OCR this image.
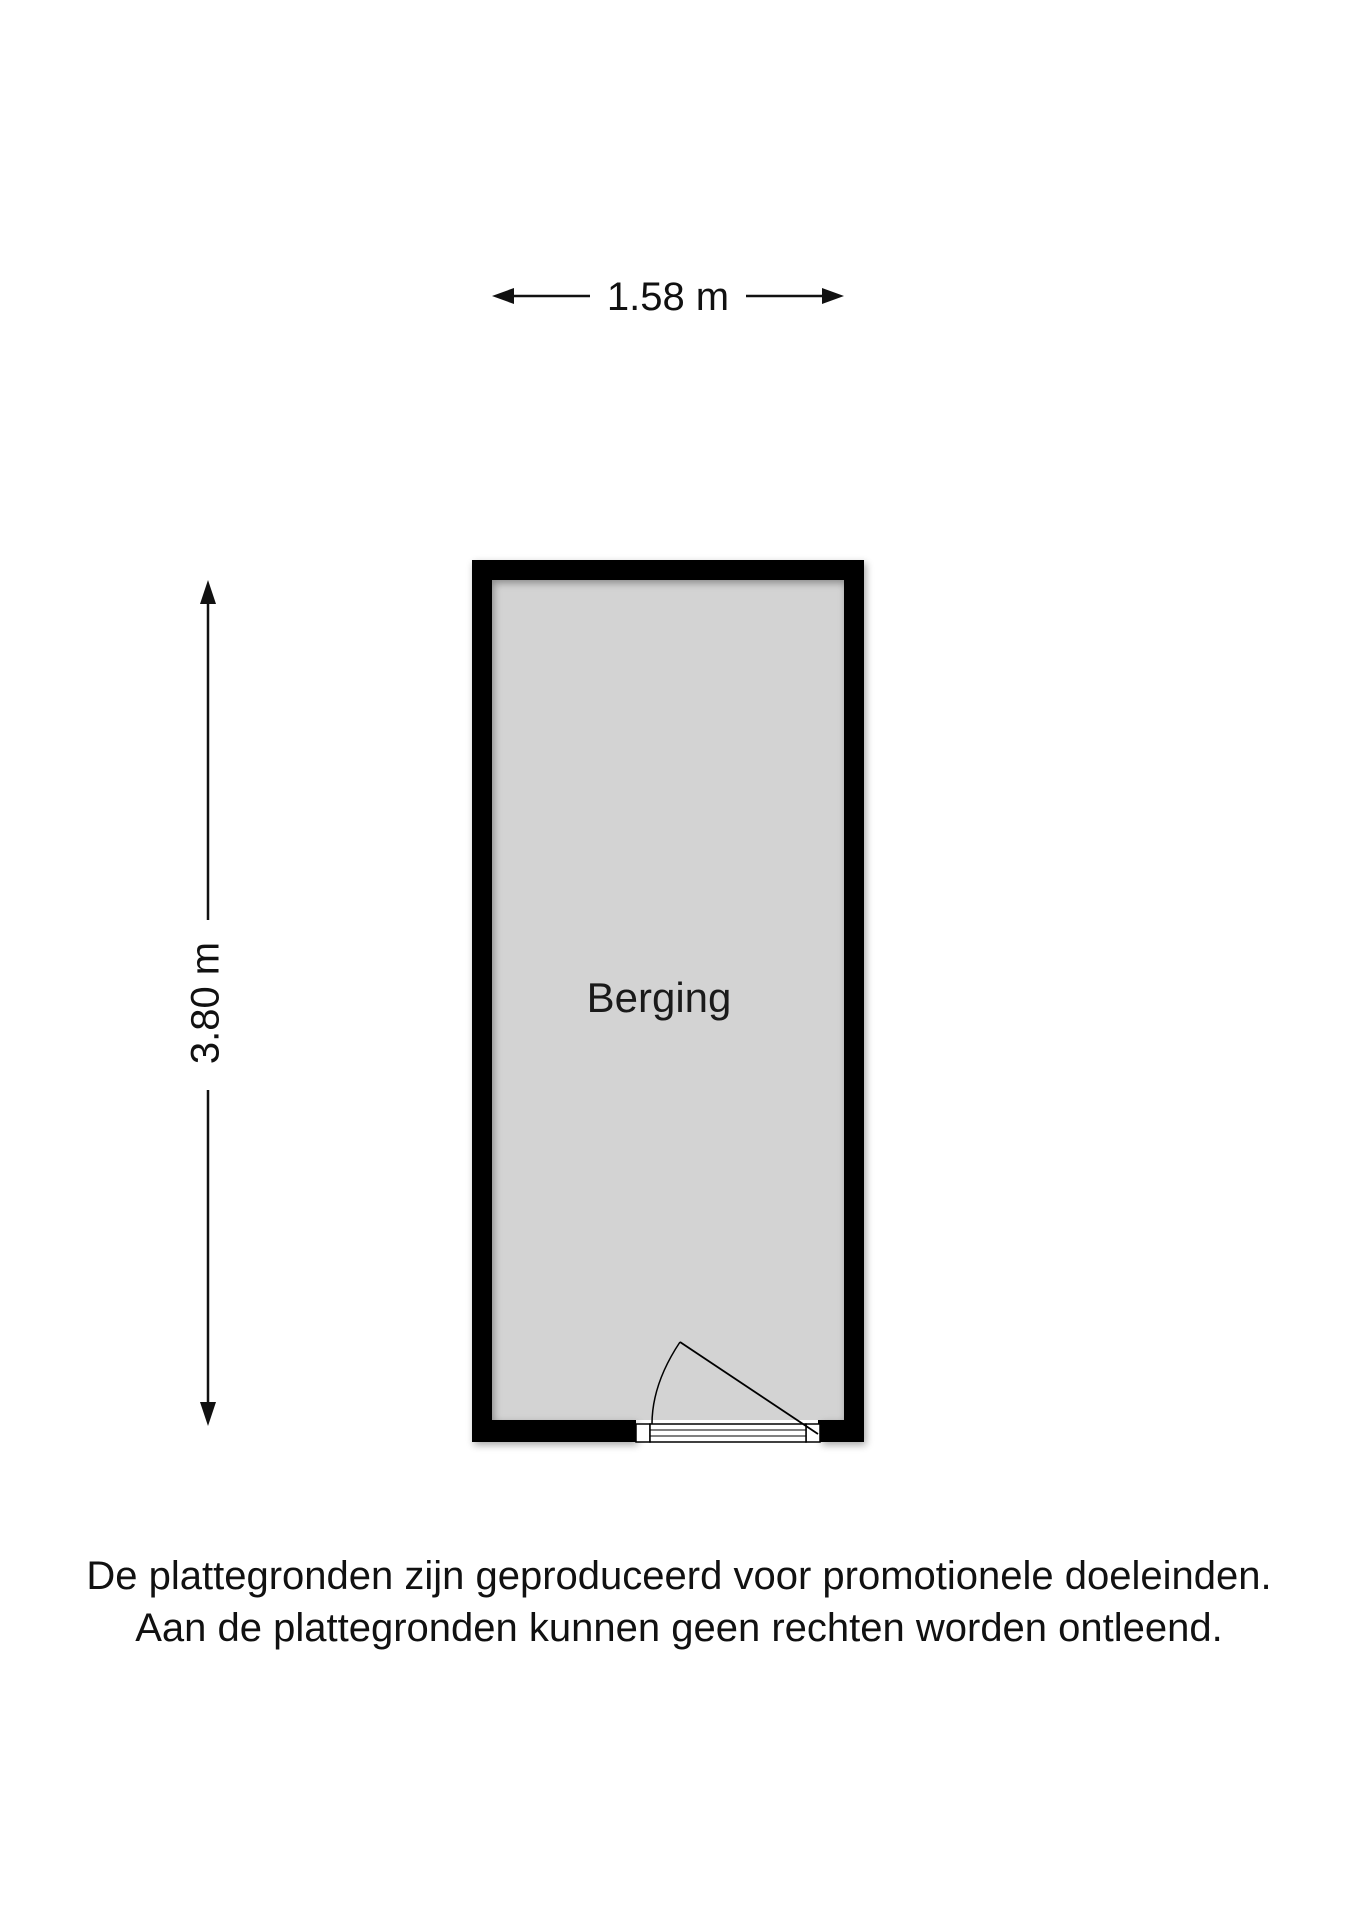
1.58 m
3.80 m	Berging
De plattegronden zijn geproduceerd voor promotionele doeleinden.
Aan de plattegronden kunnen geen rechten worden ontleend.
